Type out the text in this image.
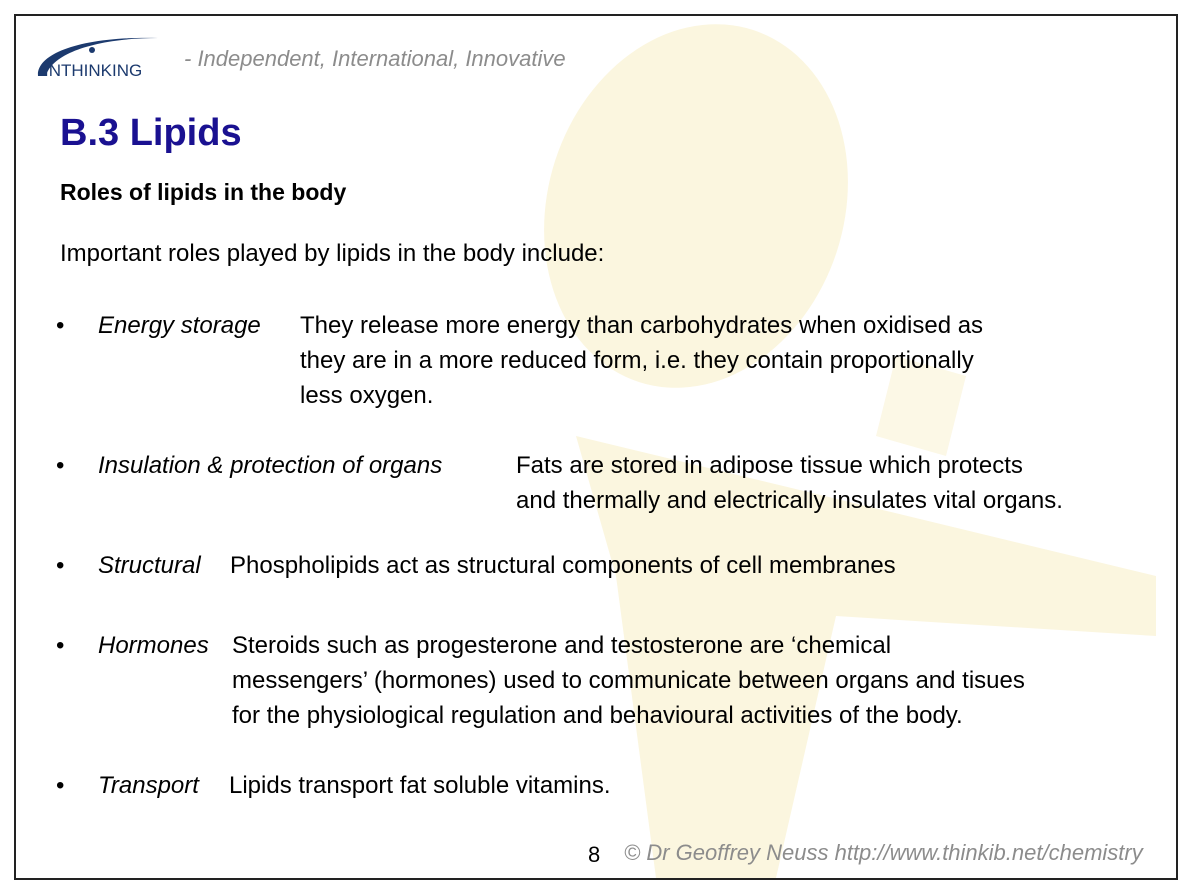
INTHINKING - Independent, International, Innovative
B.3 Lipids
Roles of lipids in the body
Important roles played by lipids in the body include:
• Energy storage They release more energy than carbohydrates when oxidised as
they are in a more reduced form, i.e. they contain proportionally
less oxygen.
• Insulation & protection of organs	Fats are stored in adipose tissue which protects
and thermally and electrically insulates vital organs.
• Structural Phospholipids act as structural components of cell membranes
• Hormones Steroids such as progesterone and testosterone are ‘chemical
messengers’ (hormones) used to communicate between organs and tisues
for the physiological regulation and behavioural activities of the body.
• Transport Lipids transport fat soluble vitamins.
8 © Dr Geoffrey Neuss http://www.thinkib.net/chemistry
